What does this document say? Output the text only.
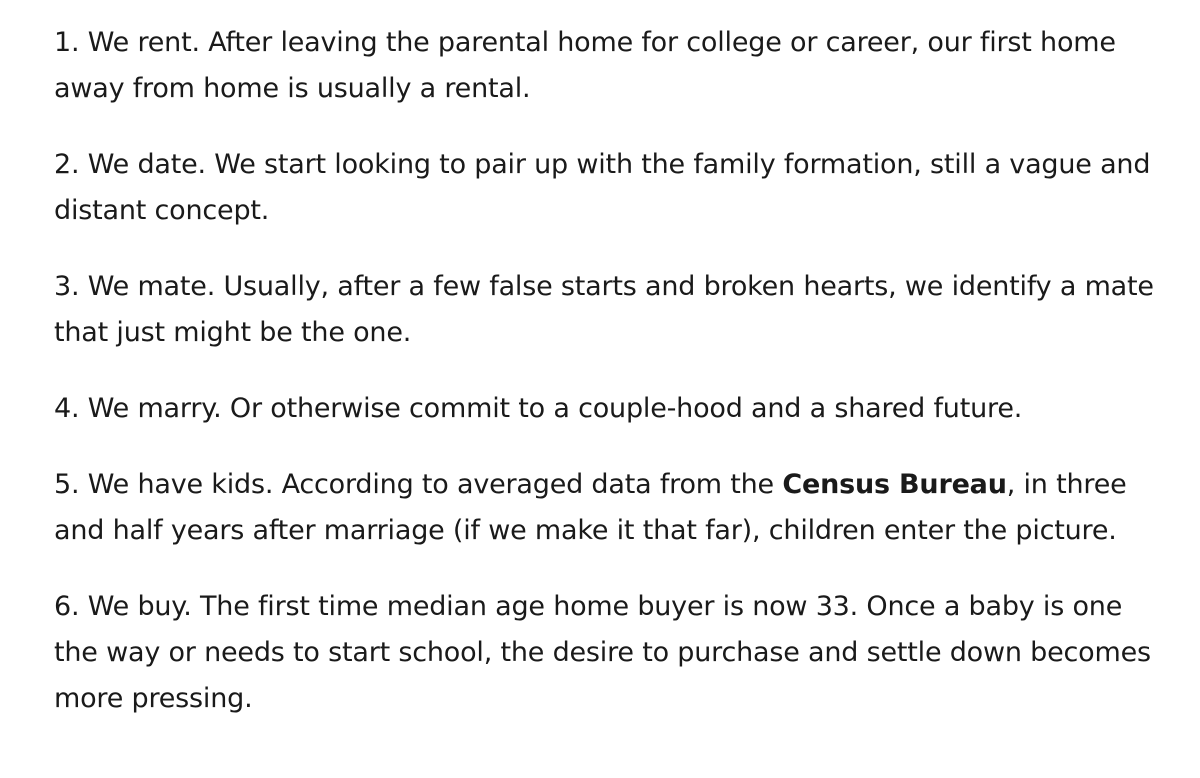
1. We rent. After leaving the parental home for college or career, our first home away from home is usually a rental.

2. We date. We start looking to pair up with the family formation, still a vague and distant concept.

3. We mate. Usually, after a few false starts and broken hearts, we identify a mate that just might be the one.

4. We marry. Or otherwise commit to a couple-hood and a shared future.

5. We have kids. According to averaged data from the Census Bureau, in three and half years after marriage (if we make it that far), children enter the picture.

6. We buy. The first time median age home buyer is now 33. Once a baby is one the way or needs to start school, the desire to purchase and settle down becomes more pressing.
